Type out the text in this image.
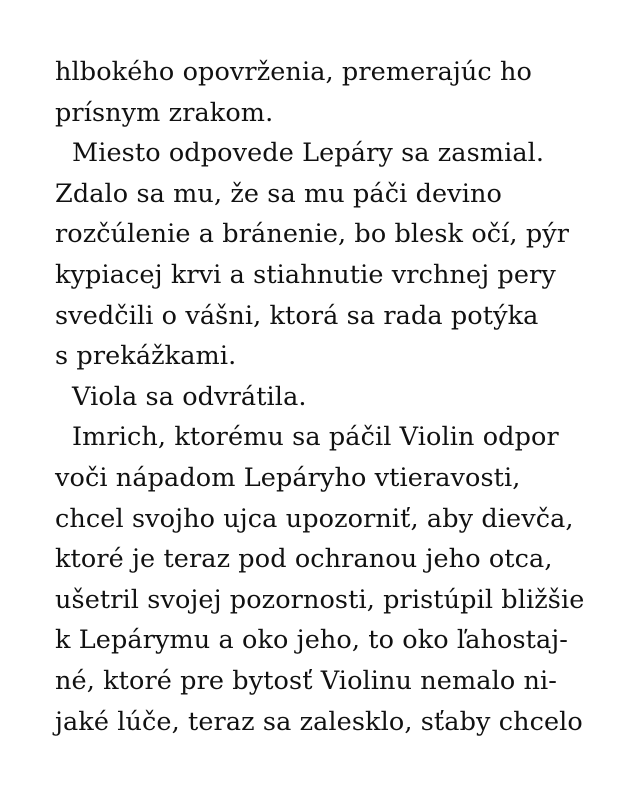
hlbokého opovrženia, premerajúc ho
prísnym zrakom.
Miesto odpovede Lepáry sa zasmial.
Zdalo sa mu, že sa mu páči devino
rozčúlenie a bránenie, bo blesk očí, pýr
kypiacej krvi a stiahnutie vrchnej pery
svedčili o vášni, ktorá sa rada potýka
s prekážkami.
Viola sa odvrátila.
Imrich, ktorému sa páčil Violin odpor
voči nápadom Lepáryho vtieravosti,
chcel svojho ujca upozorniť, aby dievča,
ktoré je teraz pod ochranou jeho otca,
ušetril svojej pozornosti, pristúpil bližšie
k Lepárymu a oko jeho, to oko ľahostaj-
né, ktoré pre bytosť Violinu nemalo ni-
jaké lúče, teraz sa zalesklo, sťaby chcelo
